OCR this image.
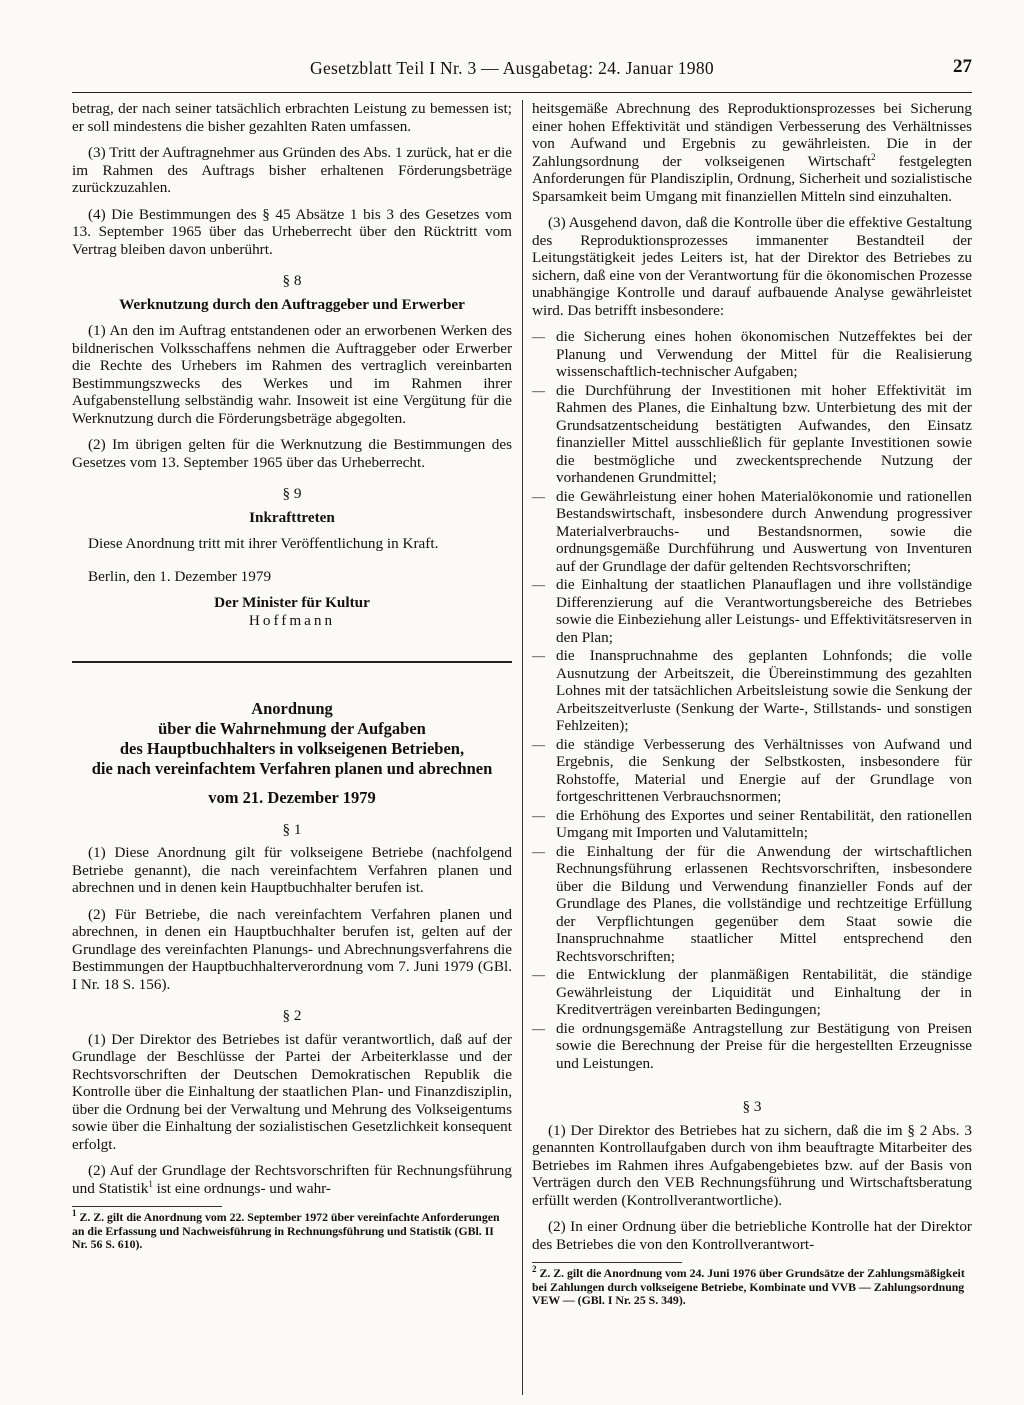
Gesetzblatt Teil I Nr. 3 — Ausgabetag: 24. Januar 1980	27

betrag, der nach seiner tatsächlich erbrachten Leistung zu bemessen ist; er soll mindestens die bisher gezahlten Raten umfassen.

(3) Tritt der Auftragnehmer aus Gründen des Abs. 1 zurück, hat er die im Rahmen des Auftrags bisher erhaltenen Förderungsbeträge zurückzuzahlen.

(4) Die Bestimmungen des § 45 Absätze 1 bis 3 des Gesetzes vom 13. September 1965 über das Urheberrecht über den Rücktritt vom Vertrag bleiben davon unberührt.

§ 8
Werknutzung durch den Auftraggeber und Erwerber

(1) An den im Auftrag entstandenen oder an erworbenen Werken des bildnerischen Volksschaffens nehmen die Auftraggeber oder Erwerber die Rechte des Urhebers im Rahmen des vertraglich vereinbarten Bestimmungszwecks des Werkes und im Rahmen ihrer Aufgabenstellung selbständig wahr. Insoweit ist eine Vergütung für die Werknutzung durch die Förderungsbeträge abgegolten.

(2) Im übrigen gelten für die Werknutzung die Bestimmungen des Gesetzes vom 13. September 1965 über das Urheberrecht.

§ 9
Inkrafttreten

Diese Anordnung tritt mit ihrer Veröffentlichung in Kraft.

Berlin, den 1. Dezember 1979

Der Minister für Kultur
Hoffmann
Anordnung
über die Wahrnehmung der Aufgaben
des Hauptbuchhalters in volkseigenen Betrieben,
die nach vereinfachtem Verfahren planen und abrechnen
vom 21. Dezember 1979
§ 1

(1) Diese Anordnung gilt für volkseigene Betriebe (nachfolgend Betriebe genannt), die nach vereinfachtem Verfahren planen und abrechnen und in denen kein Hauptbuchhalter berufen ist.

(2) Für Betriebe, die nach vereinfachtem Verfahren planen und abrechnen, in denen ein Hauptbuchhalter berufen ist, gelten auf der Grundlage des vereinfachten Planungs- und Abrechnungsverfahrens die Bestimmungen der Hauptbuchhalterverordnung vom 7. Juni 1979 (GBl. I Nr. 18 S. 156).

§ 2

(1) Der Direktor des Betriebes ist dafür verantwortlich, daß auf der Grundlage der Beschlüsse der Partei der Arbeiterklasse und der Rechtsvorschriften der Deutschen Demokratischen Republik die Kontrolle über die Einhaltung der staatlichen Plan- und Finanzdisziplin, über die Ordnung bei der Verwaltung und Mehrung des Volkseigentums sowie über die Einhaltung der sozialistischen Gesetzlichkeit konsequent erfolgt.

(2) Auf der Grundlage der Rechtsvorschriften für Rechnungsführung und Statistik$^1$ ist eine ordnungs- und wahr-

$^1$ Z. Z. gilt die Anordnung vom 22. September 1972 über vereinfachte Anforderungen an die Erfassung und Nachweisführung in Rechnungsführung und Statistik (GBl. II Nr. 56 S. 610).

heitsgemäße Abrechnung des Reproduktionsprozesses bei Sicherung einer hohen Effektivität und ständigen Verbesserung des Verhältnisses von Aufwand und Ergebnis zu gewährleisten. Die in der Zahlungsordnung der volkseigenen Wirtschaft$^2$ festgelegten Anforderungen für Plandisziplin, Ordnung, Sicherheit und sozialistische Sparsamkeit beim Umgang mit finanziellen Mitteln sind einzuhalten.

(3) Ausgehend davon, daß die Kontrolle über die effektive Gestaltung des Reproduktionsprozesses immanenter Bestandteil der Leitungstätigkeit jedes Leiters ist, hat der Direktor des Betriebes zu sichern, daß eine von der Verantwortung für die ökonomischen Prozesse unabhängige Kontrolle und darauf aufbauende Analyse gewährleistet wird. Das betrifft insbesondere:

— die Sicherung eines hohen ökonomischen Nutzeffektes bei der Planung und Verwendung der Mittel für die Realisierung wissenschaftlich-technischer Aufgaben;
— die Durchführung der Investitionen mit hoher Effektivität im Rahmen des Planes, die Einhaltung bzw. Unterbietung des mit der Grundsatzentscheidung bestätigten Aufwandes, den Einsatz finanzieller Mittel ausschließlich für geplante Investitionen sowie die bestmögliche und zweckentsprechende Nutzung der vorhandenen Grundmittel;
— die Gewährleistung einer hohen Materialökonomie und rationellen Bestandswirtschaft, insbesondere durch Anwendung progressiver Materialverbrauchs- und Bestandsnormen, sowie die ordnungsgemäße Durchführung und Auswertung von Inventuren auf der Grundlage der dafür geltenden Rechtsvorschriften;
— die Einhaltung der staatlichen Planauflagen und ihre vollständige Differenzierung auf die Verantwortungsbereiche des Betriebes sowie die Einbeziehung aller Leistungs- und Effektivitätsreserven in den Plan;
— die Inanspruchnahme des geplanten Lohnfonds; die volle Ausnutzung der Arbeitszeit, die Übereinstimmung des gezahlten Lohnes mit der tatsächlichen Arbeitsleistung sowie die Senkung der Arbeitszeitverluste (Senkung der Warte-, Stillstands- und sonstigen Fehlzeiten);
— die ständige Verbesserung des Verhältnisses von Aufwand und Ergebnis, die Senkung der Selbstkosten, insbesondere für Rohstoffe, Material und Energie auf der Grundlage von fortgeschrittenen Verbrauchsnormen;
— die Erhöhung des Exportes und seiner Rentabilität, den rationellen Umgang mit Importen und Valutamitteln;
— die Einhaltung der für die Anwendung der wirtschaftlichen Rechnungsführung erlassenen Rechtsvorschriften, insbesondere über die Bildung und Verwendung finanzieller Fonds auf der Grundlage des Planes, die vollständige und rechtzeitige Erfüllung der Verpflichtungen gegenüber dem Staat sowie die Inanspruchnahme staatlicher Mittel entsprechend den Rechtsvorschriften;
— die Entwicklung der planmäßigen Rentabilität, die ständige Gewährleistung der Liquidität und Einhaltung der in Kreditverträgen vereinbarten Bedingungen;
— die ordnungsgemäße Antragstellung zur Bestätigung von Preisen sowie die Berechnung der Preise für die hergestellten Erzeugnisse und Leistungen.
§ 3

(1) Der Direktor des Betriebes hat zu sichern, daß die im § 2 Abs. 3 genannten Kontrollaufgaben durch von ihm beauftragte Mitarbeiter des Betriebes im Rahmen ihres Aufgabengebietes bzw. auf der Basis von Verträgen durch den VEB Rechnungsführung und Wirtschaftsberatung erfüllt werden (Kontrollverantwortliche).

(2) In einer Ordnung über die betriebliche Kontrolle hat der Direktor des Betriebes die von den Kontrollverantwort-

$^2$ Z. Z. gilt die Anordnung vom 24. Juni 1976 über Grundsätze der Zahlungsmäßigkeit bei Zahlungen durch volkseigene Betriebe, Kombinate und VVB — Zahlungsordnung VEW — (GBl. I Nr. 25 S. 349).
